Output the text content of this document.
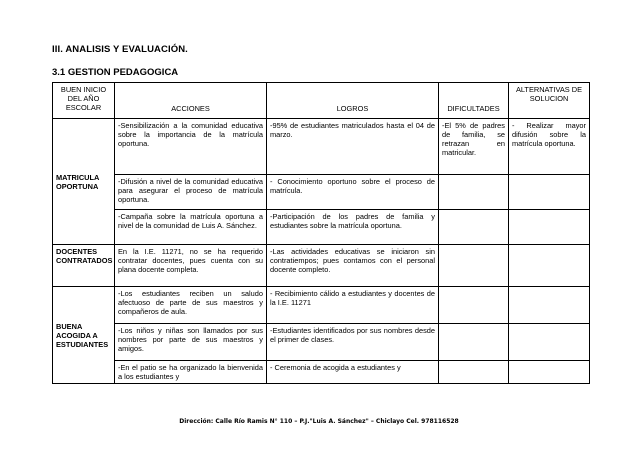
III. ANALISIS Y EVALUACIÓN.
3.1 GESTION PEDAGOGICA
BUEN INICIO DEL AÑO ESCOLAR	ACCIONES	LOGROS	DIFICULTADES	ALTERNATIVAS DE SOLUCION
MATRICULA OPORTUNA	-Sensibilización a la comunidad educativa sobre la importancia de la matrícula oportuna.	-95% de estudiantes matriculados hasta el 04 de marzo.	-El 5% de padres de familia, se retrazan en matricular.	- Realizar mayor difusión sobre la matrícula oportuna.
	-Difusión a nivel de la comunidad educativa para asegurar el proceso de matrícula oportuna.	- Conocimiento oportuno sobre el proceso de matrícula.		
	-Campaña sobre la matrícula oportuna a nivel de la comunidad de Luis A. Sánchez.	-Participación de los padres de familia y estudiantes sobre la matrícula oportuna.		
DOCENTES CONTRATADOS	En la I.E. 11271, no se ha requerido contratar docentes, pues cuenta con su plana docente completa.	-Las actividades educativas se iniciaron sin contratiempos; pues contamos con el personal docente completo.		
BUENA ACOGIDA A ESTUDIANTES	-Los estudiantes reciben un saludo afectuoso de parte de sus maestros y compañeros de aula.	- Recibimiento cálido a estudiantes y docentes de la I.E. 11271		
	-Los niños y niñas son llamados por sus nombres por parte de sus maestros y amigos.	-Estudiantes identificados por sus nombres desde el primer de clases.		
	-En el patio se ha organizado la bienvenida a los estudiantes y	- Ceremonia de acogida a estudiantes y		
Dirección: Calle Río Ramis N° 110 – P.J."Luis A. Sánchez" – Chiclayo Cel. 978116528
